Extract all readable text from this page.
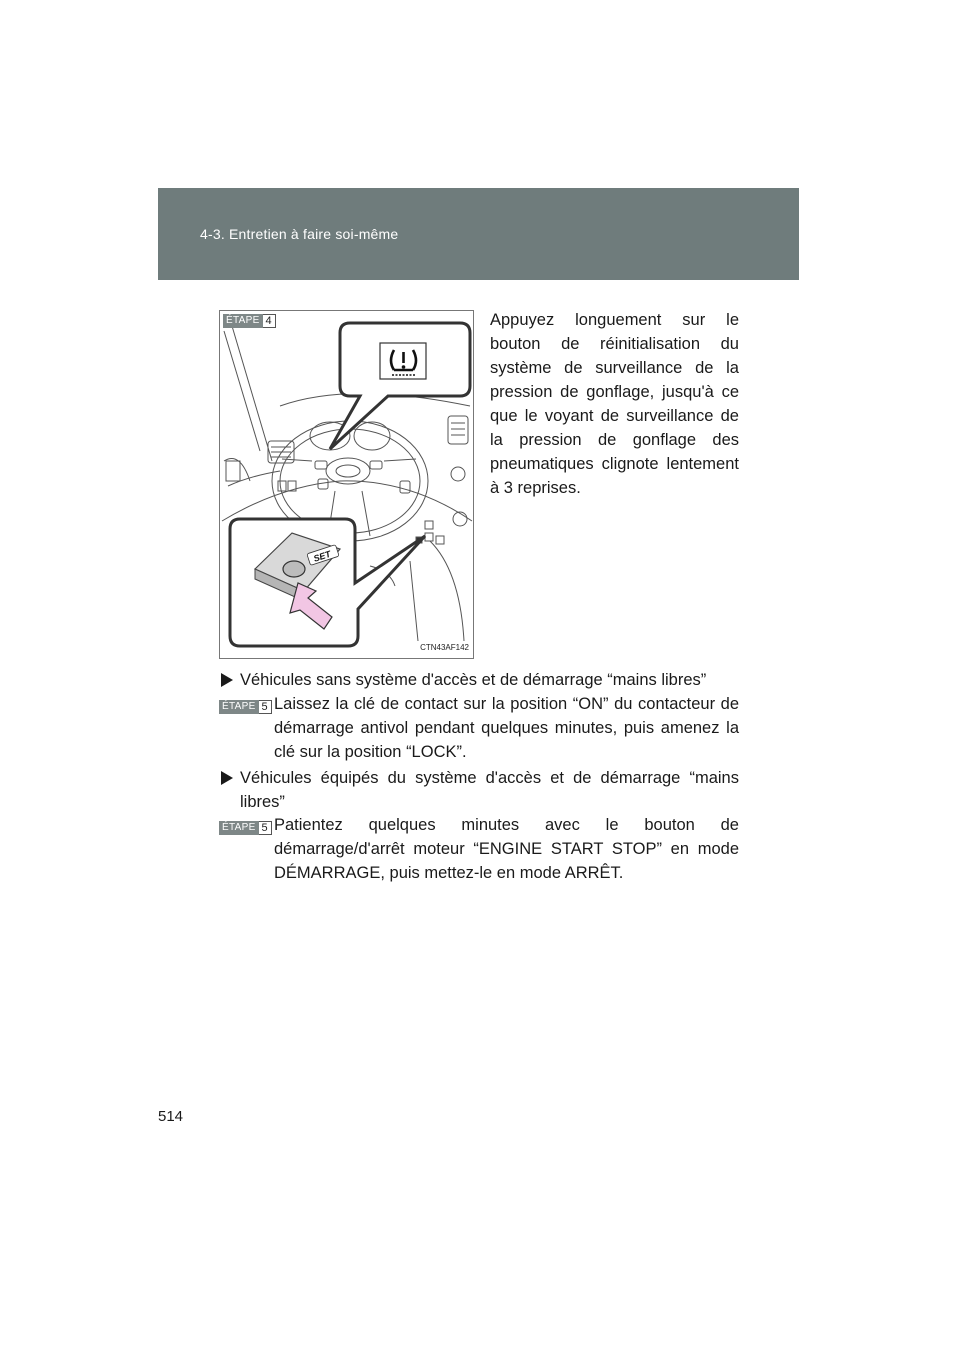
4-3. Entretien à faire soi-même
SET
ÉTAPE 4
CTN43AF142
Appuyez longuement sur le bouton de réinitialisation du système de surveillance de la pression de gonflage, jusqu'à ce que le voyant de surveillance de la pression de gonflage des pneumatiques clignote lentement à 3 reprises.
Véhicules sans système d'accès et de démarrage “mains libres”
ÉTAPE 5 Laissez la clé de contact sur la position “ON” du contacteur de démarrage antivol pendant quelques minutes, puis amenez la clé sur la position “LOCK”.
Véhicules équipés du système d'accès et de démarrage “mains libres”
ÉTAPE 5 Patientez quelques minutes avec le bouton de démarrage/d'arrêt moteur “ENGINE START STOP” en mode DÉMARRAGE, puis mettez-le en mode ARRÊT.
514
